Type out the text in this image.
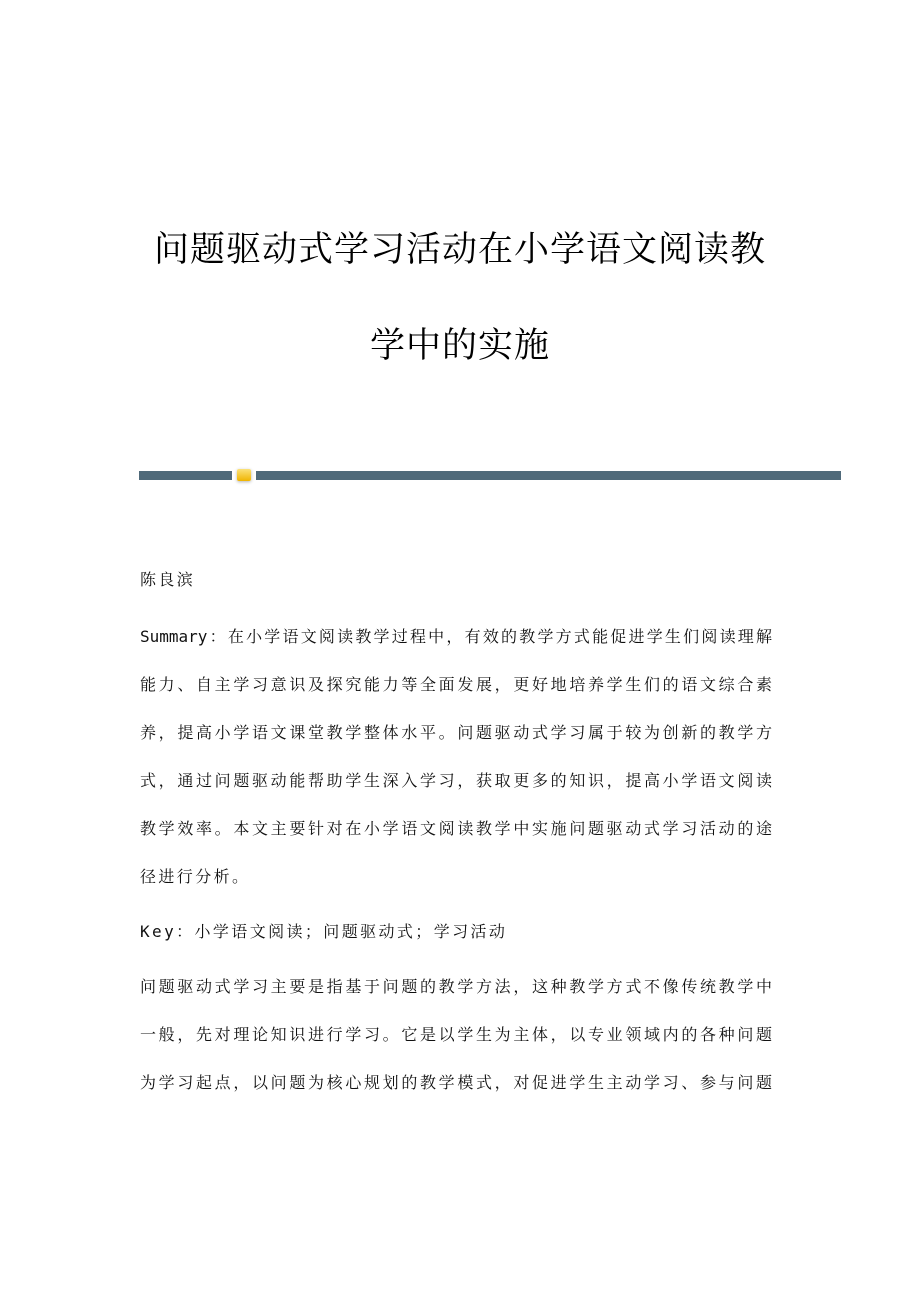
问题驱动式学习活动在小学语文阅读教
学中的实施
陈良滨
Summary：在小学语文阅读教学过程中，有效的教学方式能促进学生们阅读理解
能力、自主学习意识及探究能力等全面发展，更好地培养学生们的语文综合素
养，提高小学语文课堂教学整体水平。问题驱动式学习属于较为创新的教学方
式，通过问题驱动能帮助学生深入学习，获取更多的知识，提高小学语文阅读
教学效率。本文主要针对在小学语文阅读教学中实施问题驱动式学习活动的途
径进行分析。
Key：小学语文阅读；问题驱动式；学习活动
问题驱动式学习主要是指基于问题的教学方法，这种教学方式不像传统教学中
一般，先对理论知识进行学习。它是以学生为主体，以专业领域内的各种问题
为学习起点，以问题为核心规划的教学模式，对促进学生主动学习、参与问题
